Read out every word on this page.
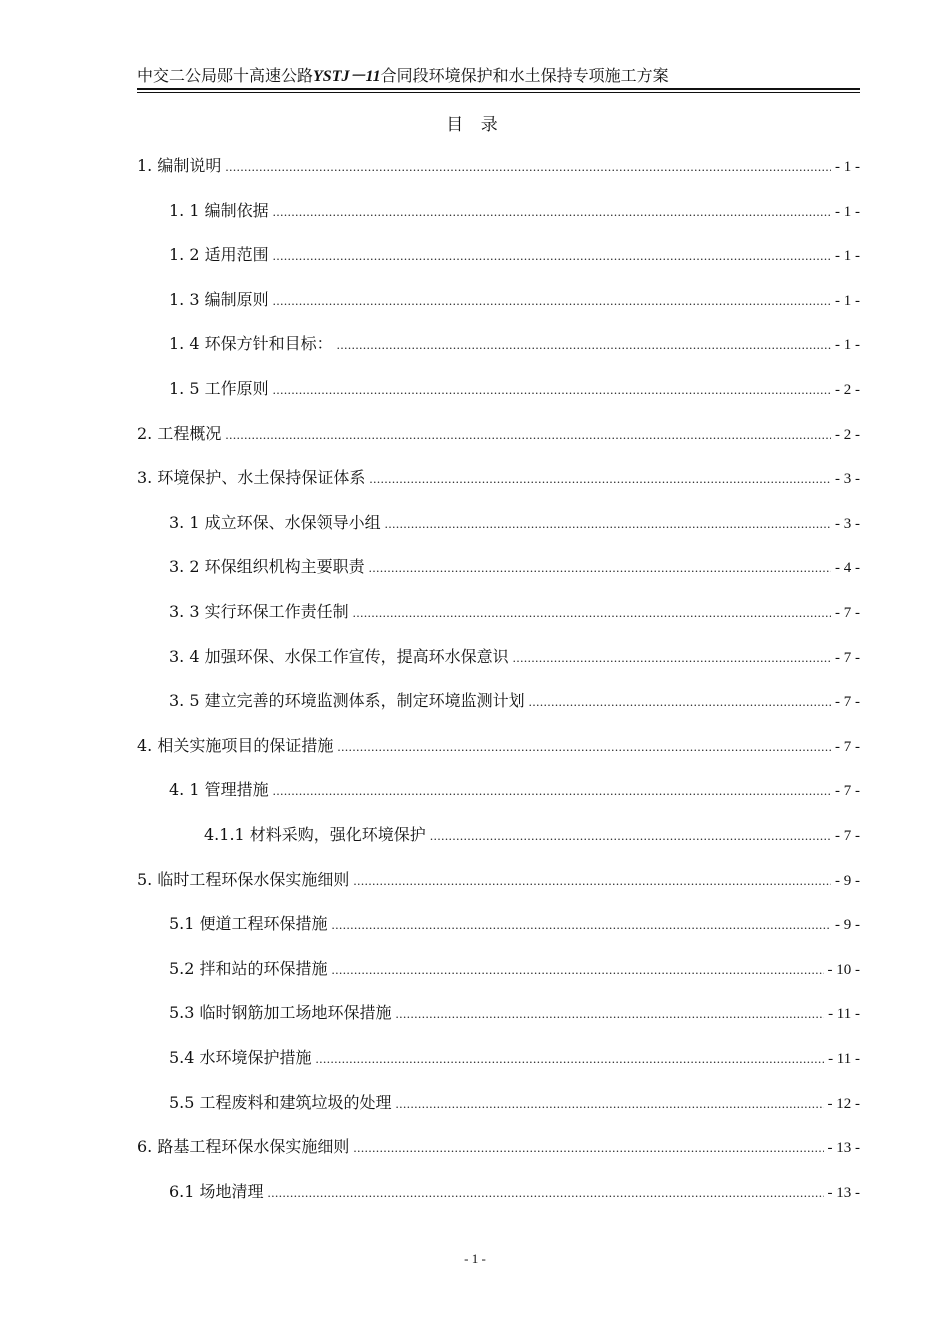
中交二公局郧十高速公路YSTJ－11合同段环境保护和水土保持专项施工方案
目 录
1. 编制说明 .....	- 1 -
1. 1 编制依据 .....	- 1 -
1. 2 适用范围 .....	- 1 -
1. 3 编制原则 .....	- 1 -
1. 4 环保方针和目标： .....	- 1 -
1. 5 工作原则 .....	- 2 -
2. 工程概况 .....	- 2 -
3. 环境保护、水土保持保证体系 .....	- 3 -
3. 1 成立环保、水保领导小组 .....	- 3 -
3. 2 环保组织机构主要职责 .....	- 4 -
3. 3 实行环保工作责任制 .....	- 7 -
3. 4 加强环保、水保工作宣传，提高环水保意识 .....	- 7 -
3. 5 建立完善的环境监测体系，制定环境监测计划 .....	- 7 -
4. 相关实施项目的保证措施 .....	- 7 -
4. 1 管理措施 .....	- 7 -
4.1.1 材料采购，强化环境保护 .....	- 7 -
5. 临时工程环保水保实施细则 .....	- 9 -
5.1 便道工程环保措施 .....	- 9 -
5.2 拌和站的环保措施 .....	- 10 -
5.3 临时钢筋加工场地环保措施 .....	- 11 -
5.4 水环境保护措施 .....	- 11 -
5.5 工程废料和建筑垃圾的处理 .....	- 12 -
6. 路基工程环保水保实施细则 .....	- 13 -
6.1 场地清理 .....	- 13 -
- 1 -
